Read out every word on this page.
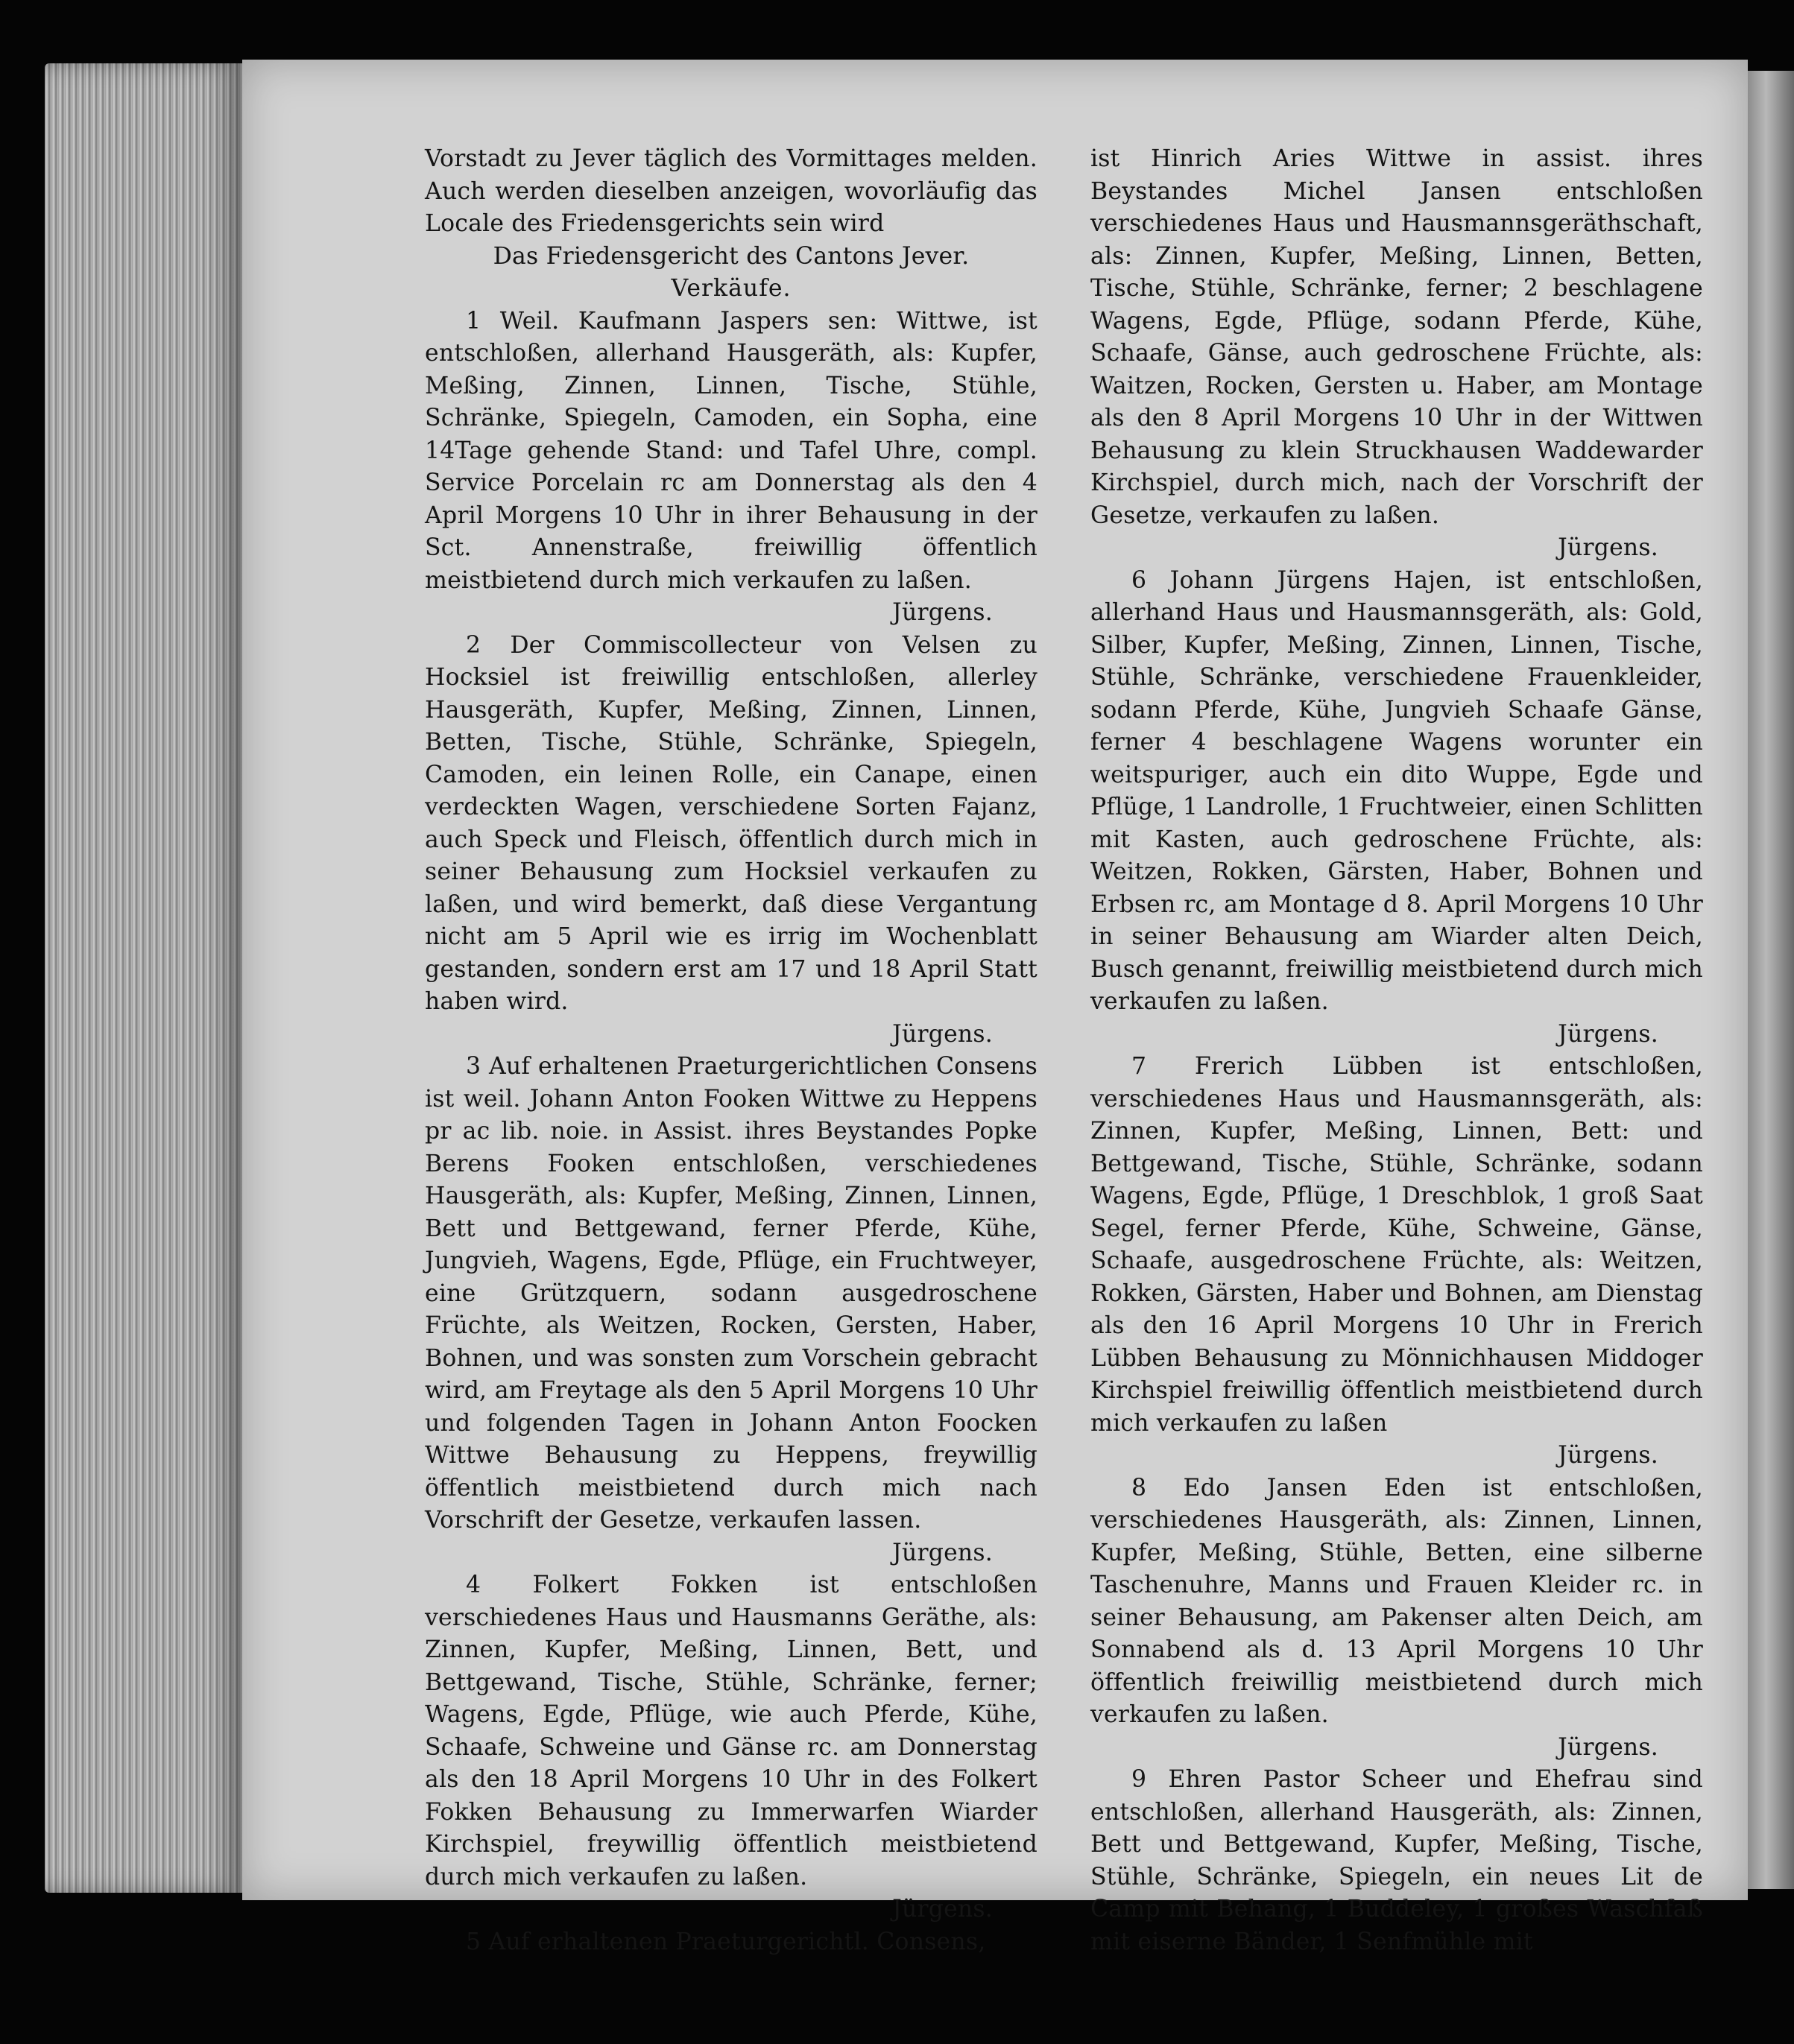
Vorstadt zu Jever täglich des Vormittages melden. Auch werden dieselben anzeigen, wovorläufig das Locale des Friedensgerichts sein wird

Das Friedensgericht des Cantons Jever.

Verkäufe.

1 Weil. Kaufmann Jaspers sen: Wittwe, ist entschloßen, allerhand Hausgeräth, als: Kupfer, Meßing, Zinnen, Linnen, Tische, Stühle, Schränke, Spiegeln, Camoden, ein Sopha, eine 14Tage gehende Stand: und Tafel Uhre, compl. Service Porcelain rc am Donnerstag als den 4 April Morgens 10 Uhr in ihrer Behausung in der Sct. Annenstraße, freiwillig öffentlich meistbietend durch mich verkaufen zu laßen.

Jürgens.

2 Der Commiscollecteur von Velsen zu Hocksiel ist freiwillig entschloßen, allerley Hausgeräth, Kupfer, Meßing, Zinnen, Linnen, Betten, Tische, Stühle, Schränke, Spiegeln, Camoden, ein leinen Rolle, ein Canape, einen verdeckten Wagen, verschiedene Sorten Fajanz, auch Speck und Fleisch, öffentlich durch mich in seiner Behausung zum Hocksiel verkaufen zu laßen, und wird bemerkt, daß diese Vergantung nicht am 5 April wie es irrig im Wochenblatt gestanden, sondern erst am 17 und 18 April Statt haben wird.

Jürgens.

3 Auf erhaltenen Praeturgerichtlichen Consens ist weil. Johann Anton Fooken Wittwe zu Heppens pr ac lib. noie. in Assist. ihres Beystandes Popke Berens Fooken entschloßen, verschiedenes Hausgeräth, als: Kupfer, Meßing, Zinnen, Linnen, Bett und Bettgewand, ferner Pferde, Kühe, Jungvieh, Wagens, Egde, Pflüge, ein Fruchtweyer, eine Grützquern, sodann ausgedroschene Früchte, als Weitzen, Rocken, Gersten, Haber, Bohnen, und was sonsten zum Vorschein gebracht wird, am Freytage als den 5 April Morgens 10 Uhr und folgenden Tagen in Johann Anton Foocken Wittwe Behausung zu Heppens, freywillig öffentlich meistbietend durch mich nach Vorschrift der Gesetze, verkaufen lassen.

Jürgens.

4 Folkert Fokken ist entschloßen verschiedenes Haus und Hausmanns Geräthe, als: Zinnen, Kupfer, Meßing, Linnen, Bett, und Bettgewand, Tische, Stühle, Schränke, ferner; Wagens, Egde, Pflüge, wie auch Pferde, Kühe, Schaafe, Schweine und Gänse rc. am Donnerstag als den 18 April Morgens 10 Uhr in des Folkert Fokken Behausung zu Immerwarfen Wiarder Kirchspiel, freywillig öffentlich meistbietend durch mich verkaufen zu laßen.

Jürgens.

5 Auf erhaltenen Praeturgerichtl. Consens,

ist Hinrich Aries Wittwe in assist. ihres Beystandes Michel Jansen entschloßen verschiedenes Haus und Hausmannsgeräthschaft, als: Zinnen, Kupfer, Meßing, Linnen, Betten, Tische, Stühle, Schränke, ferner; 2 beschlagene Wagens, Egde, Pflüge, sodann Pferde, Kühe, Schaafe, Gänse, auch gedroschene Früchte, als: Waitzen, Rocken, Gersten u. Haber, am Montage als den 8 April Morgens 10 Uhr in der Wittwen Behausung zu klein Struckhausen Waddewarder Kirchspiel, durch mich, nach der Vorschrift der Gesetze, verkaufen zu laßen.

Jürgens.

6 Johann Jürgens Hajen, ist entschloßen, allerhand Haus und Hausmannsgeräth, als: Gold, Silber, Kupfer, Meßing, Zinnen, Linnen, Tische, Stühle, Schränke, verschiedene Frauenkleider, sodann Pferde, Kühe, Jungvieh Schaafe Gänse, ferner 4 beschlagene Wagens worunter ein weitspuriger, auch ein dito Wuppe, Egde und Pflüge, 1 Landrolle, 1 Fruchtweier, einen Schlitten mit Kasten, auch gedroschene Früchte, als: Weitzen, Rokken, Gärsten, Haber, Bohnen und Erbsen rc, am Montage d 8. April Morgens 10 Uhr in seiner Behausung am Wiarder alten Deich, Busch genannt, freiwillig meistbietend durch mich verkaufen zu laßen.

Jürgens.

7 Frerich Lübben ist entschloßen, verschiedenes Haus und Hausmannsgeräth, als: Zinnen, Kupfer, Meßing, Linnen, Bett: und Bettgewand, Tische, Stühle, Schränke, sodann Wagens, Egde, Pflüge, 1 Dreschblok, 1 groß Saat Segel, ferner Pferde, Kühe, Schweine, Gänse, Schaafe, ausgedroschene Früchte, als: Weitzen, Rokken, Gärsten, Haber und Bohnen, am Dienstag als den 16 April Morgens 10 Uhr in Frerich Lübben Behausung zu Mönnichhausen Middoger Kirchspiel freiwillig öffentlich meistbietend durch mich verkaufen zu laßen

Jürgens.

8 Edo Jansen Eden ist entschloßen, verschiedenes Hausgeräth, als: Zinnen, Linnen, Kupfer, Meßing, Stühle, Betten, eine silberne Taschenuhre, Manns und Frauen Kleider rc. in seiner Behausung, am Pakenser alten Deich, am Sonnabend als d. 13 April Morgens 10 Uhr öffentlich freiwillig meistbietend durch mich verkaufen zu laßen.

Jürgens.

9 Ehren Pastor Scheer und Ehefrau sind entschloßen, allerhand Hausgeräth, als: Zinnen, Bett und Bettgewand, Kupfer, Meßing, Tische, Stühle, Schränke, Spiegeln, ein neues Lit de Camp mit Behang, 1 Buddeley, 1 großes Waschfaß mit eiserne Bänder, 1 Senfmühle mit
